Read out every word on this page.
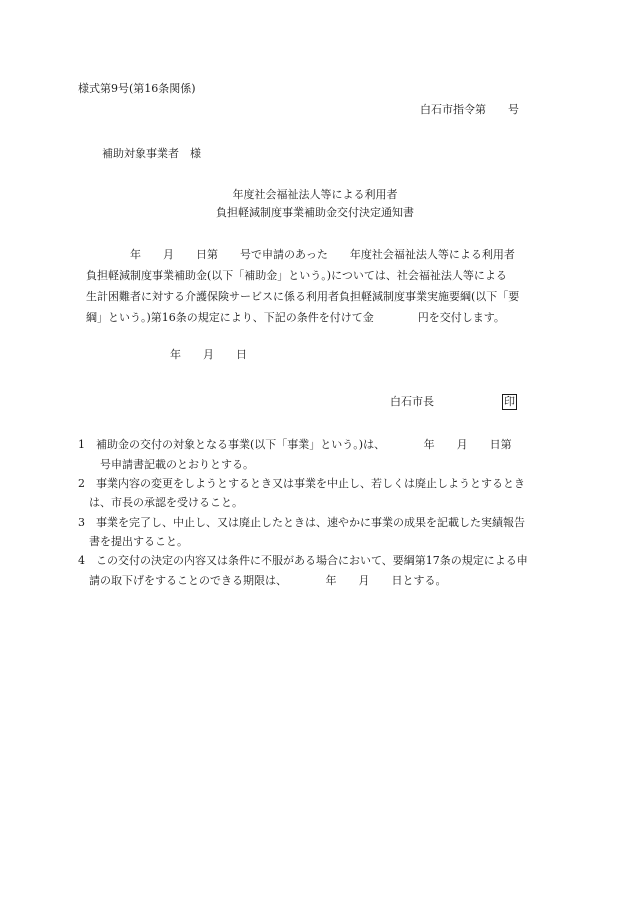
様式第9号(第16条関係)

白石市指令第　　号

補助対象事業者　様

年度社会福祉法人等による利用者

負担軽減制度事業補助金交付決定通知書

　　　　年　　月　　日第　　号で申請のあった　　年度社会福祉法人等による利用者

負担軽減制度事業補助金(以下「補助金」という。)については、社会福祉法人等による

生計困難者に対する介護保険サービスに係る利用者負担軽減制度事業実施要綱(以下「要

綱」という。)第16条の規定により、下記の条件を付けて金　　　　円を交付します。

年　　月　　日

白石市長	印

1　補助金の交付の対象となる事業(以下「事業」という。)は、　　　　年　　月　　日第

　　号申請書記載のとおりとする。

2　事業内容の変更をしようとするとき又は事業を中止し、若しくは廃止しようとするとき

　は、市長の承認を受けること。

3　事業を完了し、中止し、又は廃止したときは、速やかに事業の成果を記載した実績報告

　書を提出すること。

4　この交付の決定の内容又は条件に不服がある場合において、要綱第17条の規定による申

　請の取下げをすることのできる期限は、　　　　年　　月　　日とする。
